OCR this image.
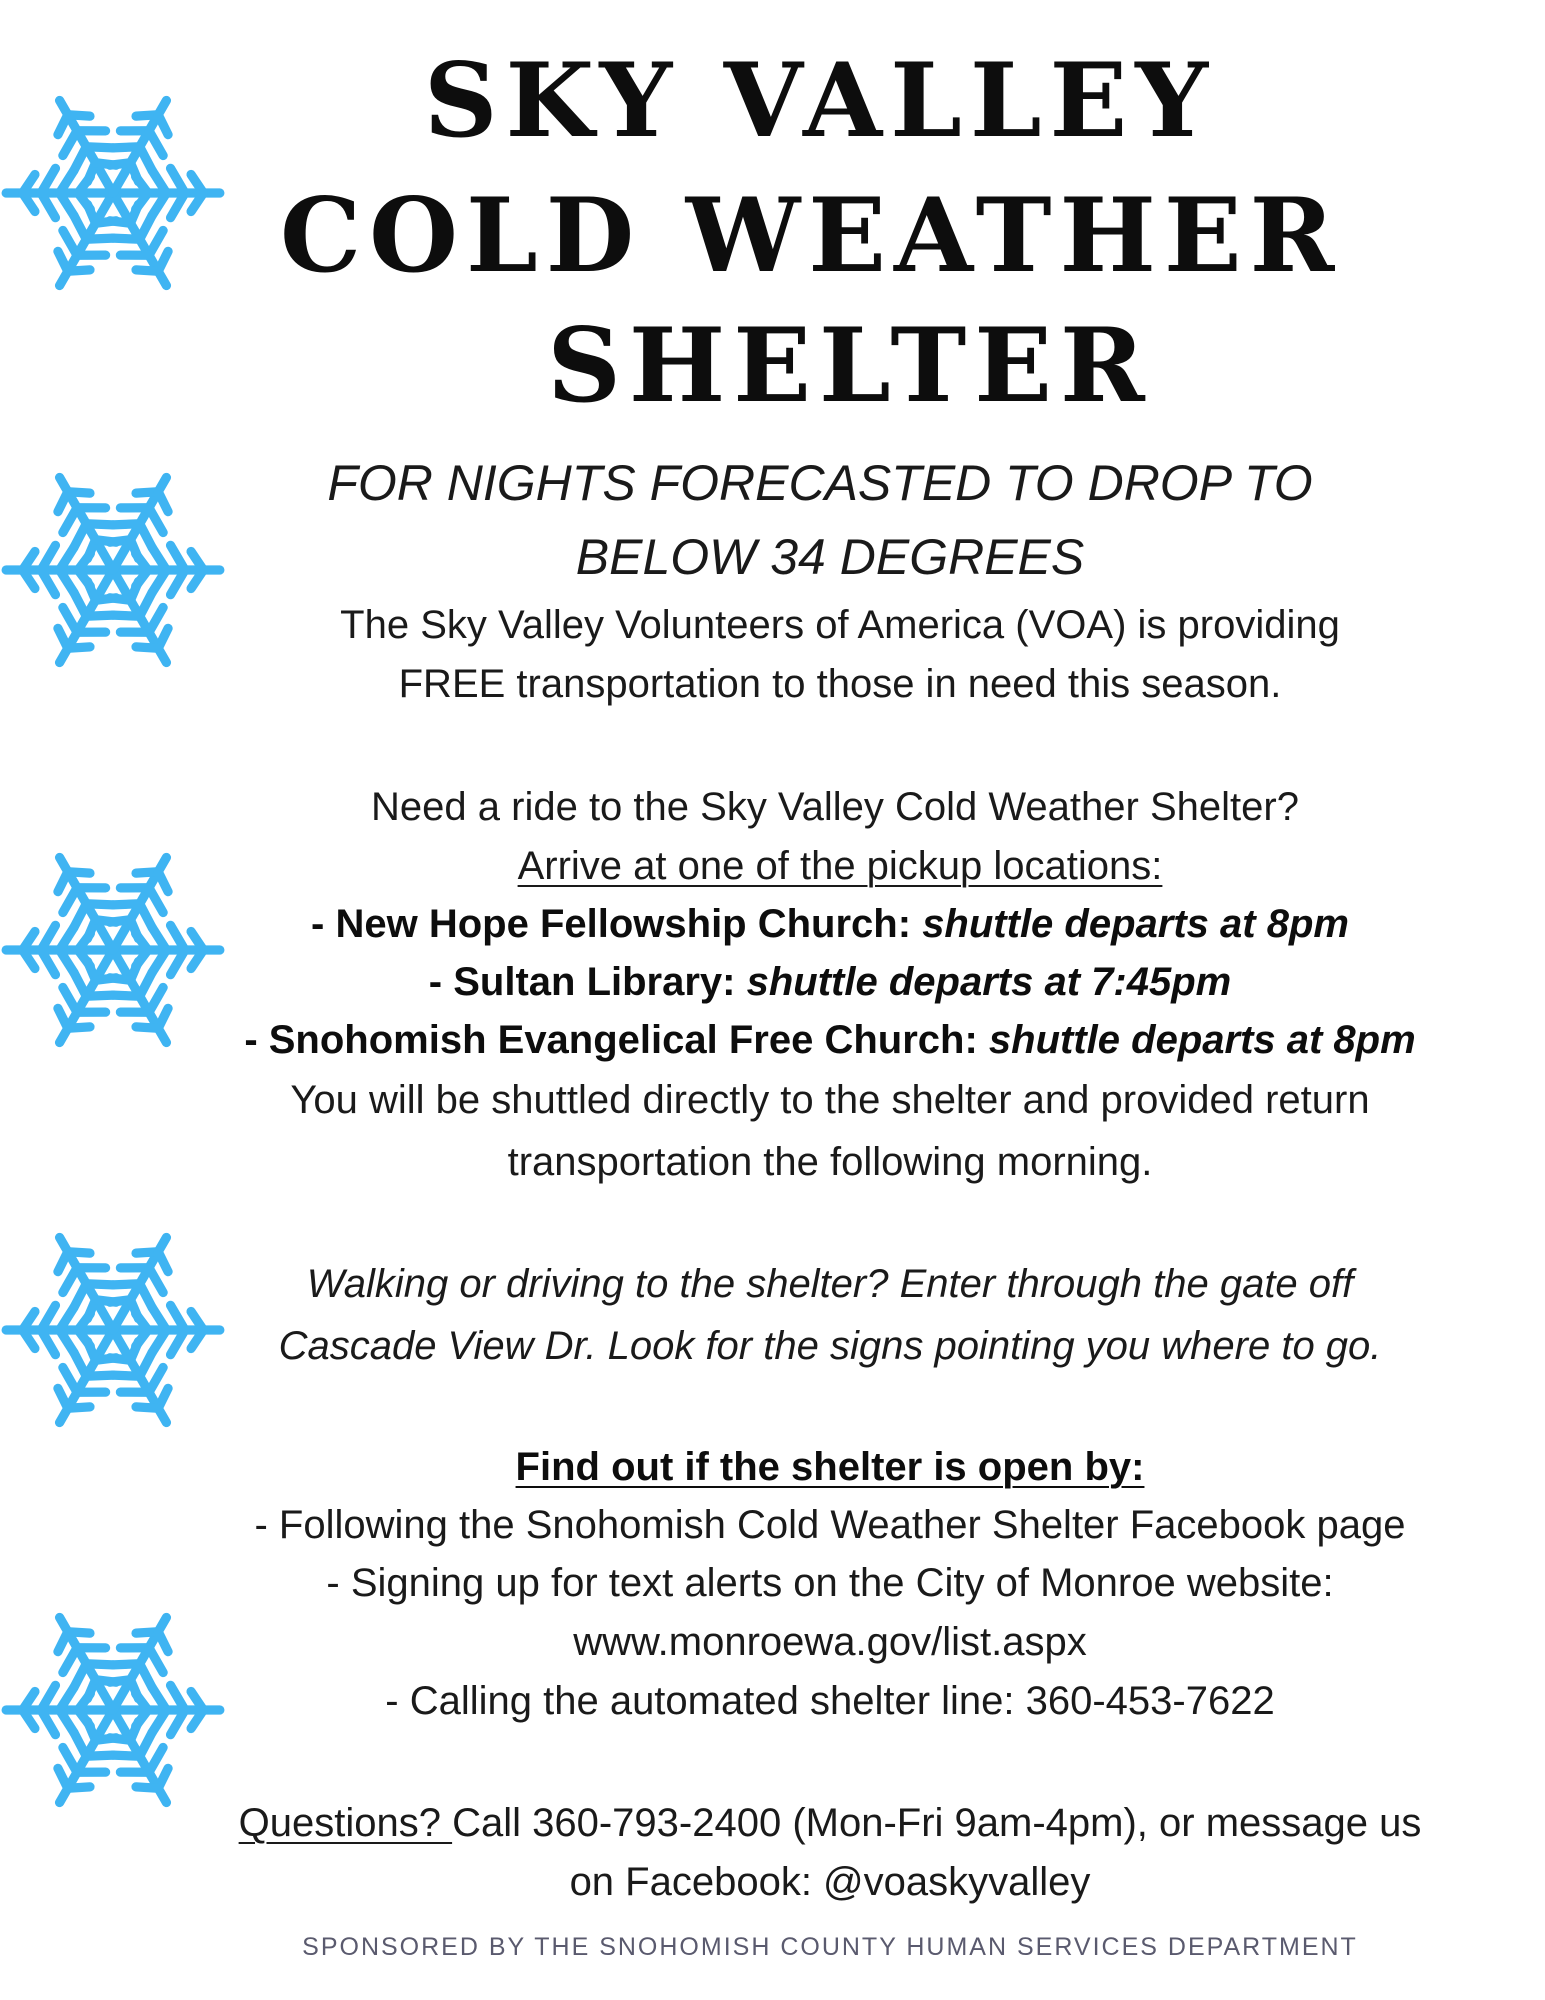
SKY VALLEY
COLD WEATHER
SHELTER
FOR NIGHTS FORECASTED TO DROP TO
BELOW 34 DEGREES
The Sky Valley Volunteers of America (VOA) is providing
FREE transportation to those in need this season.
Need a ride to the Sky Valley Cold Weather Shelter?
Arrive at one of the pickup locations:
- New Hope Fellowship Church: shuttle departs at 8pm
- Sultan Library: shuttle departs at 7:45pm
- Snohomish Evangelical Free Church: shuttle departs at 8pm
You will be shuttled directly to the shelter and provided return
transportation the following morning.
Walking or driving to the shelter? Enter through the gate off
Cascade View Dr. Look for the signs pointing you where to go.
Find out if the shelter is open by:
- Following the Snohomish Cold Weather Shelter Facebook page
- Signing up for text alerts on the City of Monroe website:
www.monroewa.gov/list.aspx
- Calling the automated shelter line: 360-453-7622
Questions? Call 360-793-2400 (Mon-Fri 9am-4pm), or message us
on Facebook: @voaskyvalley
SPONSORED BY THE SNOHOMISH COUNTY HUMAN SERVICES DEPARTMENT
